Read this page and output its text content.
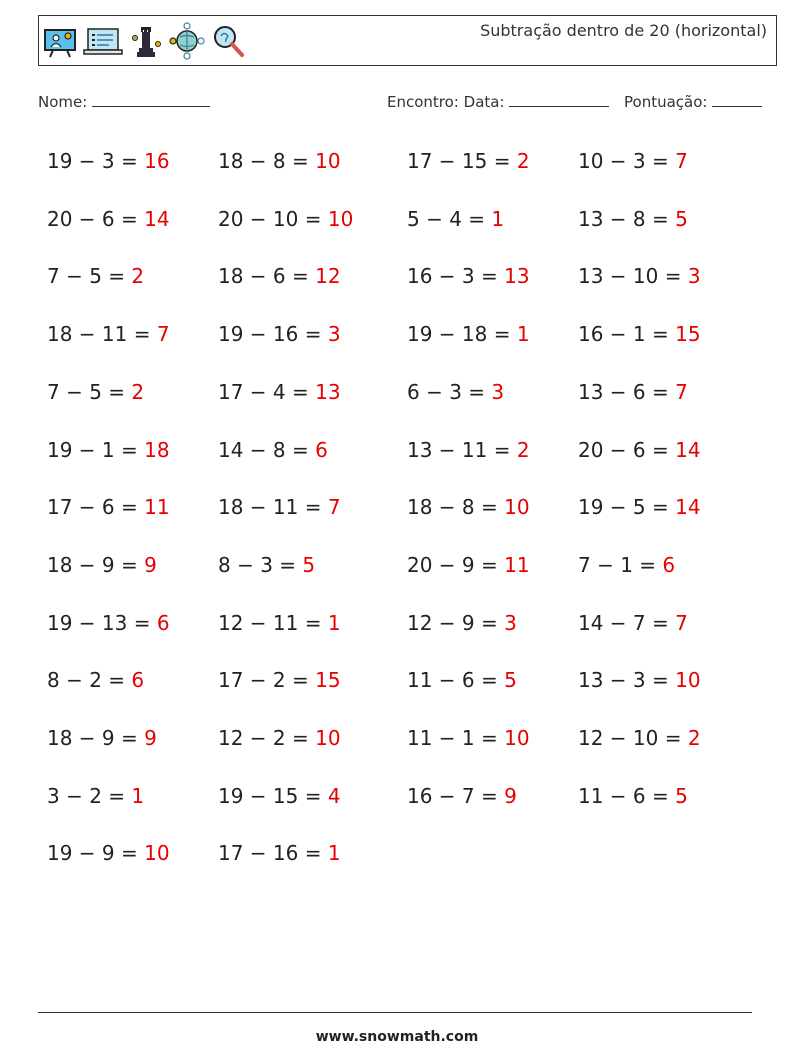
Subtração dentro de 20 (horizontal)
Nome:	Encontro: Data:	Pontuação:
19 − 3 = 16
20 − 6 = 14
7 − 5 = 2
18 − 11 = 7
7 − 5 = 2
19 − 1 = 18
17 − 6 = 11
18 − 9 = 9
19 − 13 = 6
8 − 2 = 6
18 − 9 = 9
3 − 2 = 1
19 − 9 = 10
18 − 8 = 10
20 − 10 = 10
18 − 6 = 12
19 − 16 = 3
17 − 4 = 13
14 − 8 = 6
18 − 11 = 7
8 − 3 = 5
12 − 11 = 1
17 − 2 = 15
12 − 2 = 10
19 − 15 = 4
17 − 16 = 1
17 − 15 = 2
5 − 4 = 1
16 − 3 = 13
19 − 18 = 1
6 − 3 = 3
13 − 11 = 2
18 − 8 = 10
20 − 9 = 11
12 − 9 = 3
11 − 6 = 5
11 − 1 = 10
16 − 7 = 9
10 − 3 = 7
13 − 8 = 5
13 − 10 = 3
16 − 1 = 15
13 − 6 = 7
20 − 6 = 14
19 − 5 = 14
7 − 1 = 6
14 − 7 = 7
13 − 3 = 10
12 − 10 = 2
11 − 6 = 5
www.snowmath.com
